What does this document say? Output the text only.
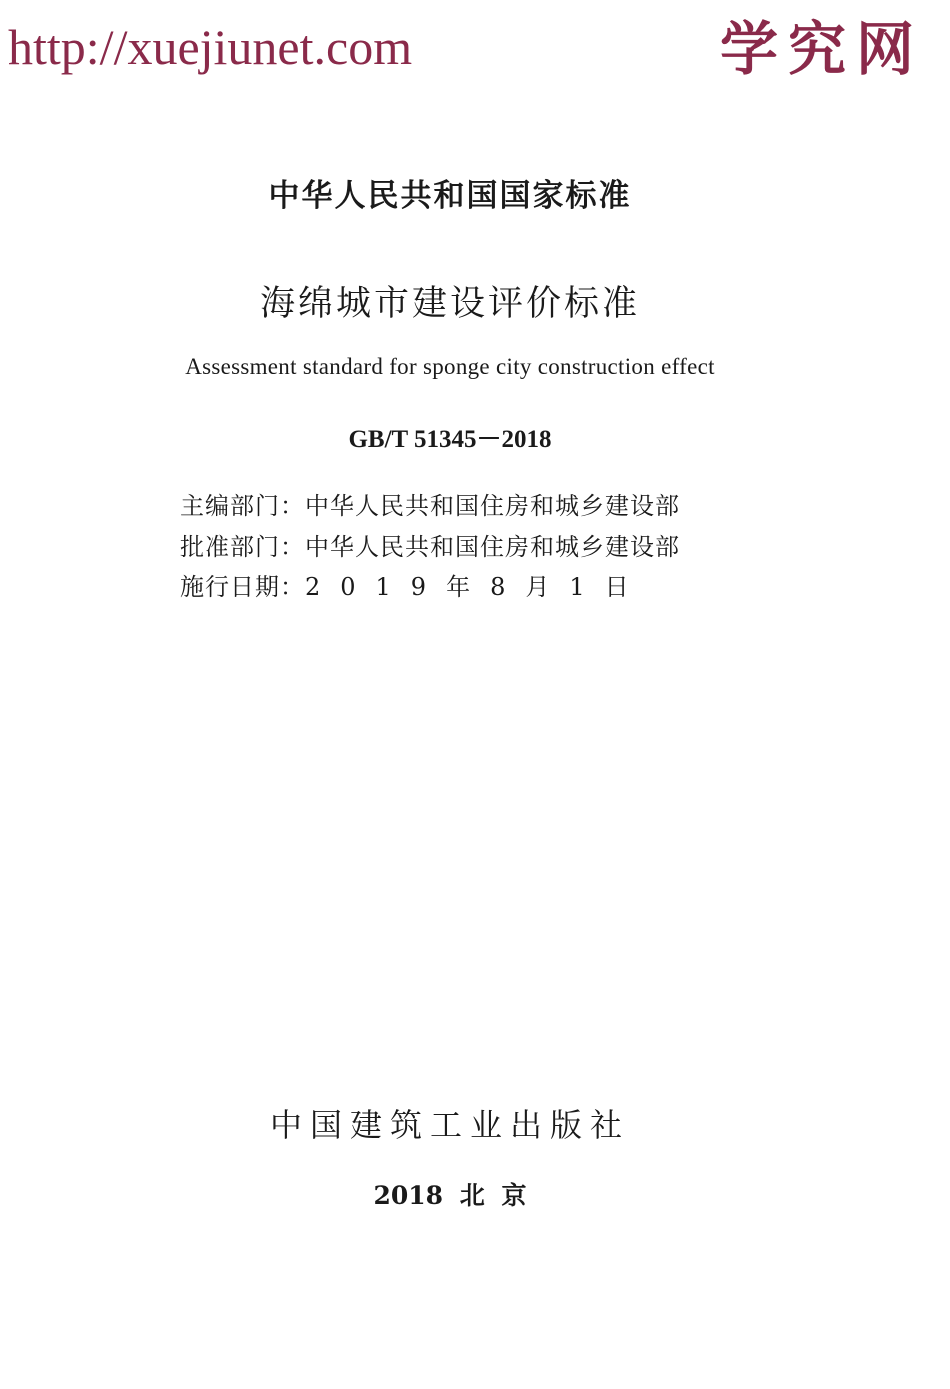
http://xuejiunet.com	学究网
中华人民共和国国家标准
海绵城市建设评价标准
Assessment standard for sponge city construction effect
GB/T 51345－2018
主编部门：中华人民共和国住房和城乡建设部
批准部门：中华人民共和国住房和城乡建设部
施行日期：2019年8月1日
中国建筑工业出版社
2018 北 京
